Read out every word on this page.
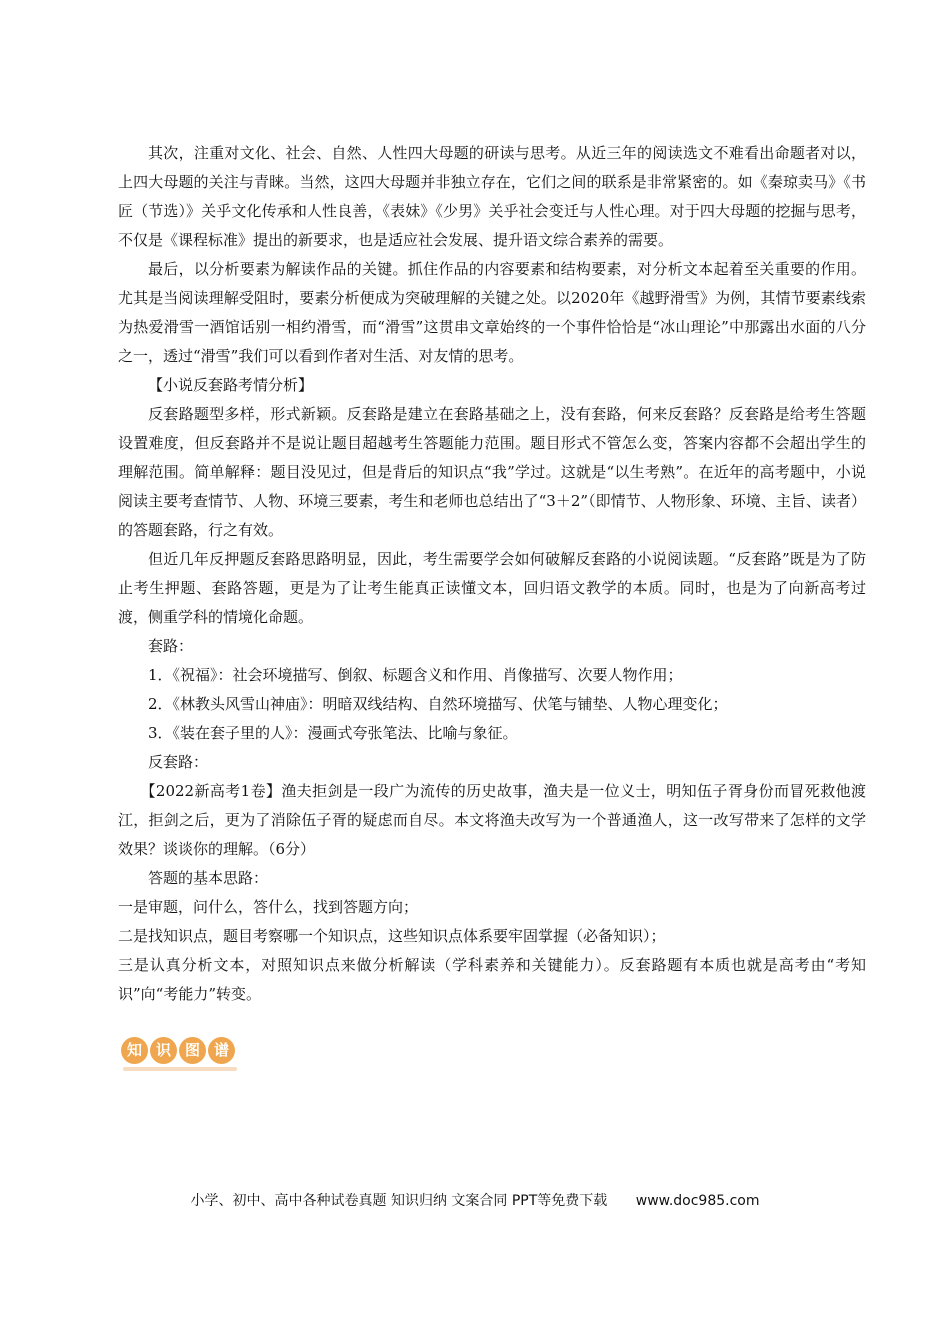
其次，注重对文化、社会、自然、人性四大母题的研读与思考。从近三年的阅读选文不难看出命题者对以，上四大母题的关注与青睐。当然，这四大母题并非独立存在，它们之间的联系是非常紧密的。如《秦琼卖马》《书匠（节选）》关乎文化传承和人性良善，《表妹》《少男》关乎社会变迁与人性心理。对于四大母题的挖掘与思考，不仅是《课程标准》提出的新要求，也是适应社会发展、提升语文综合素养的需要。

最后，以分析要素为解读作品的关键。抓住作品的内容要素和结构要素，对分析文本起着至关重要的作用。尤其是当阅读理解受阻时，要素分析便成为突破理解的关键之处。以2020年《越野滑雪》为例，其情节要素线索为热爱滑雪一酒馆话别一相约滑雪，而“滑雪”这贯串文章始终的一个事件恰恰是“冰山理论”中那露出水面的八分之一，透过“滑雪”我们可以看到作者对生活、对友情的思考。

【小说反套路考情分析】

反套路题型多样，形式新颖。反套路是建立在套路基础之上，没有套路，何来反套路？反套路是给考生答题设置难度，但反套路并不是说让题目超越考生答题能力范围。题目形式不管怎么变，答案内容都不会超出学生的理解范围。简单解释：题目没见过，但是背后的知识点“我”学过。这就是“以生考熟”。在近年的高考题中，小说阅读主要考查情节、人物、环境三要素，考生和老师也总结出了“3＋2”（即情节、人物形象、环境、主旨、读者）的答题套路，行之有效。

但近几年反押题反套路思路明显，因此，考生需要学会如何破解反套路的小说阅读题。“反套路”既是为了防止考生押题、套路答题，更是为了让考生能真正读懂文本，回归语文教学的本质。同时，也是为了向新高考过渡，侧重学科的情境化命题。

套路：

1．《祝福》：社会环境描写、倒叙、标题含义和作用、肖像描写、次要人物作用；

2．《林教头风雪山神庙》：明暗双线结构、自然环境描写、伏笔与铺垫、人物心理变化；

3．《装在套子里的人》：漫画式夸张笔法、比喻与象征。

反套路：

【2022新高考1卷】渔夫拒剑是一段广为流传的历史故事，渔夫是一位义士，明知伍子胥身份而冒死救他渡江，拒剑之后，更为了消除伍子胥的疑虑而自尽。本文将渔夫改写为一个普通渔人，这一改写带来了怎样的文学效果？谈谈你的理解。（6分）

答题的基本思路：

一是审题，问什么，答什么，找到答题方向；

二是找知识点，题目考察哪一个知识点，这些知识点体系要牢固掌握（必备知识）；

三是认真分析文本，对照知识点来做分析解读（学科素养和关键能力）。反套路题有本质也就是高考由“考知识”向“考能力”转变。

知 识 图 谱
小学、初中、高中各种试卷真题 知识归纳 文案合同 PPT等免费下载 www.doc985.com
